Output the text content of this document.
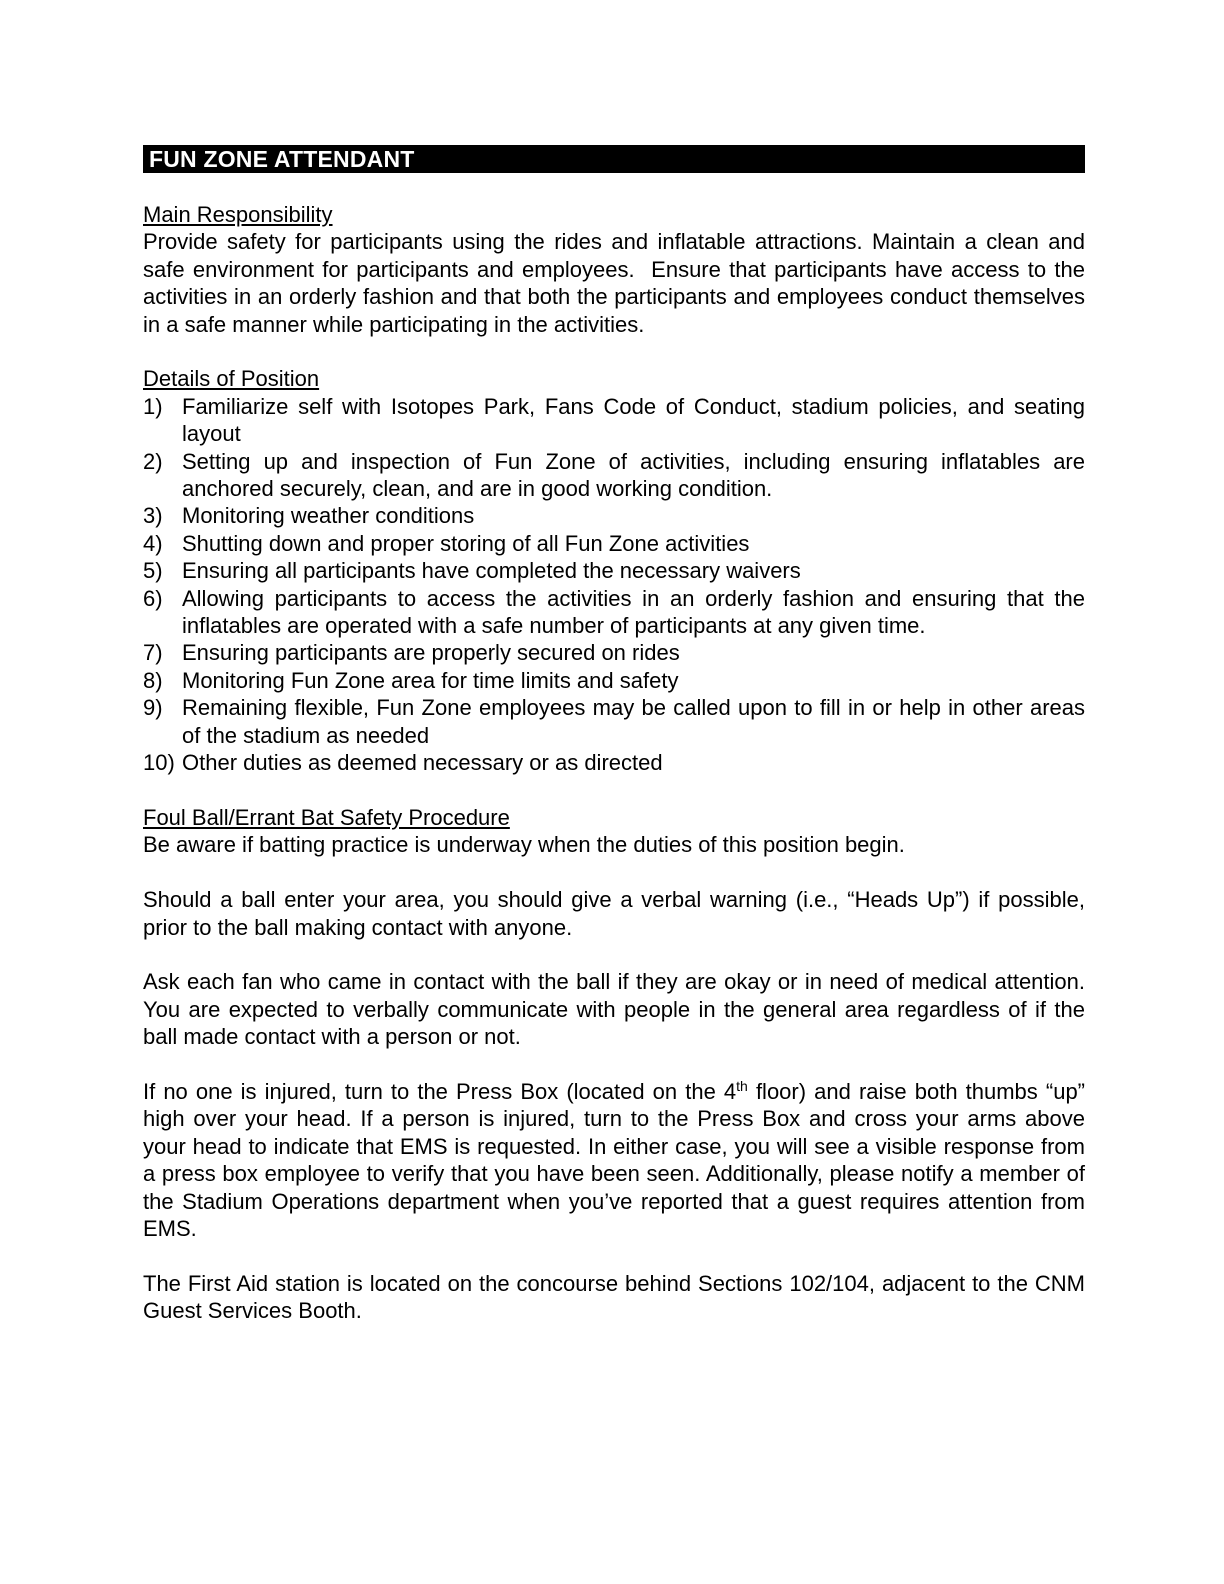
FUN ZONE ATTENDANT
Main Responsibility

Provide safety for participants using the rides and inflatable attractions. Maintain a clean and safe environment for participants and employees.  Ensure that participants have access to the activities in an orderly fashion and that both the participants and employees conduct themselves in a safe manner while participating in the activities.

Details of Position
1) Familiarize self with Isotopes Park, Fans Code of Conduct, stadium policies, and seating layout
2) Setting up and inspection of Fun Zone of activities, including ensuring inflatables are anchored securely, clean, and are in good working condition.
3) Monitoring weather conditions
4) Shutting down and proper storing of all Fun Zone activities
5) Ensuring all participants have completed the necessary waivers
6) Allowing participants to access the activities in an orderly fashion and ensuring that the inflatables are operated with a safe number of participants at any given time.
7) Ensuring participants are properly secured on rides
8) Monitoring Fun Zone area for time limits and safety
9) Remaining flexible, Fun Zone employees may be called upon to fill in or help in other areas of the stadium as needed
10) Other duties as deemed necessary or as directed
Foul Ball/Errant Bat Safety Procedure

Be aware if batting practice is underway when the duties of this position begin.

Should a ball enter your area, you should give a verbal warning (i.e., “Heads Up”) if possible, prior to the ball making contact with anyone.

Ask each fan who came in contact with the ball if they are okay or in need of medical attention. You are expected to verbally communicate with people in the general area regardless of if the ball made contact with a person or not.

If no one is injured, turn to the Press Box (located on the 4th floor) and raise both thumbs “up” high over your head. If a person is injured, turn to the Press Box and cross your arms above your head to indicate that EMS is requested. In either case, you will see a visible response from a press box employee to verify that you have been seen. Additionally, please notify a member of the Stadium Operations department when you’ve reported that a guest requires attention from EMS.

The First Aid station is located on the concourse behind Sections 102/104, adjacent to the CNM Guest Services Booth.
